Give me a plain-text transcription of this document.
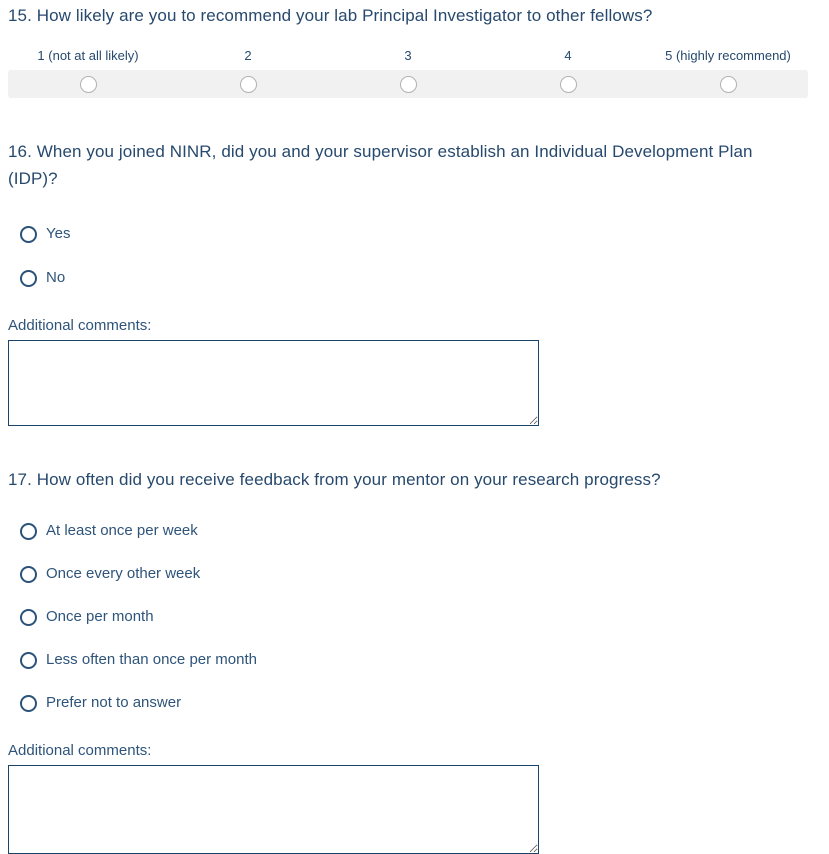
15. How likely are you to recommend your lab Principal Investigator to other fellows?
1 (not at all likely)	2	3	4	5 (highly recommend)
16. When you joined NINR, did you and your supervisor establish an Individual Development Plan (IDP)?
Yes
No
Additional comments:
17. How often did you receive feedback from your mentor on your research progress?
At least once per week
Once every other week
Once per month
Less often than once per month
Prefer not to answer
Additional comments:
